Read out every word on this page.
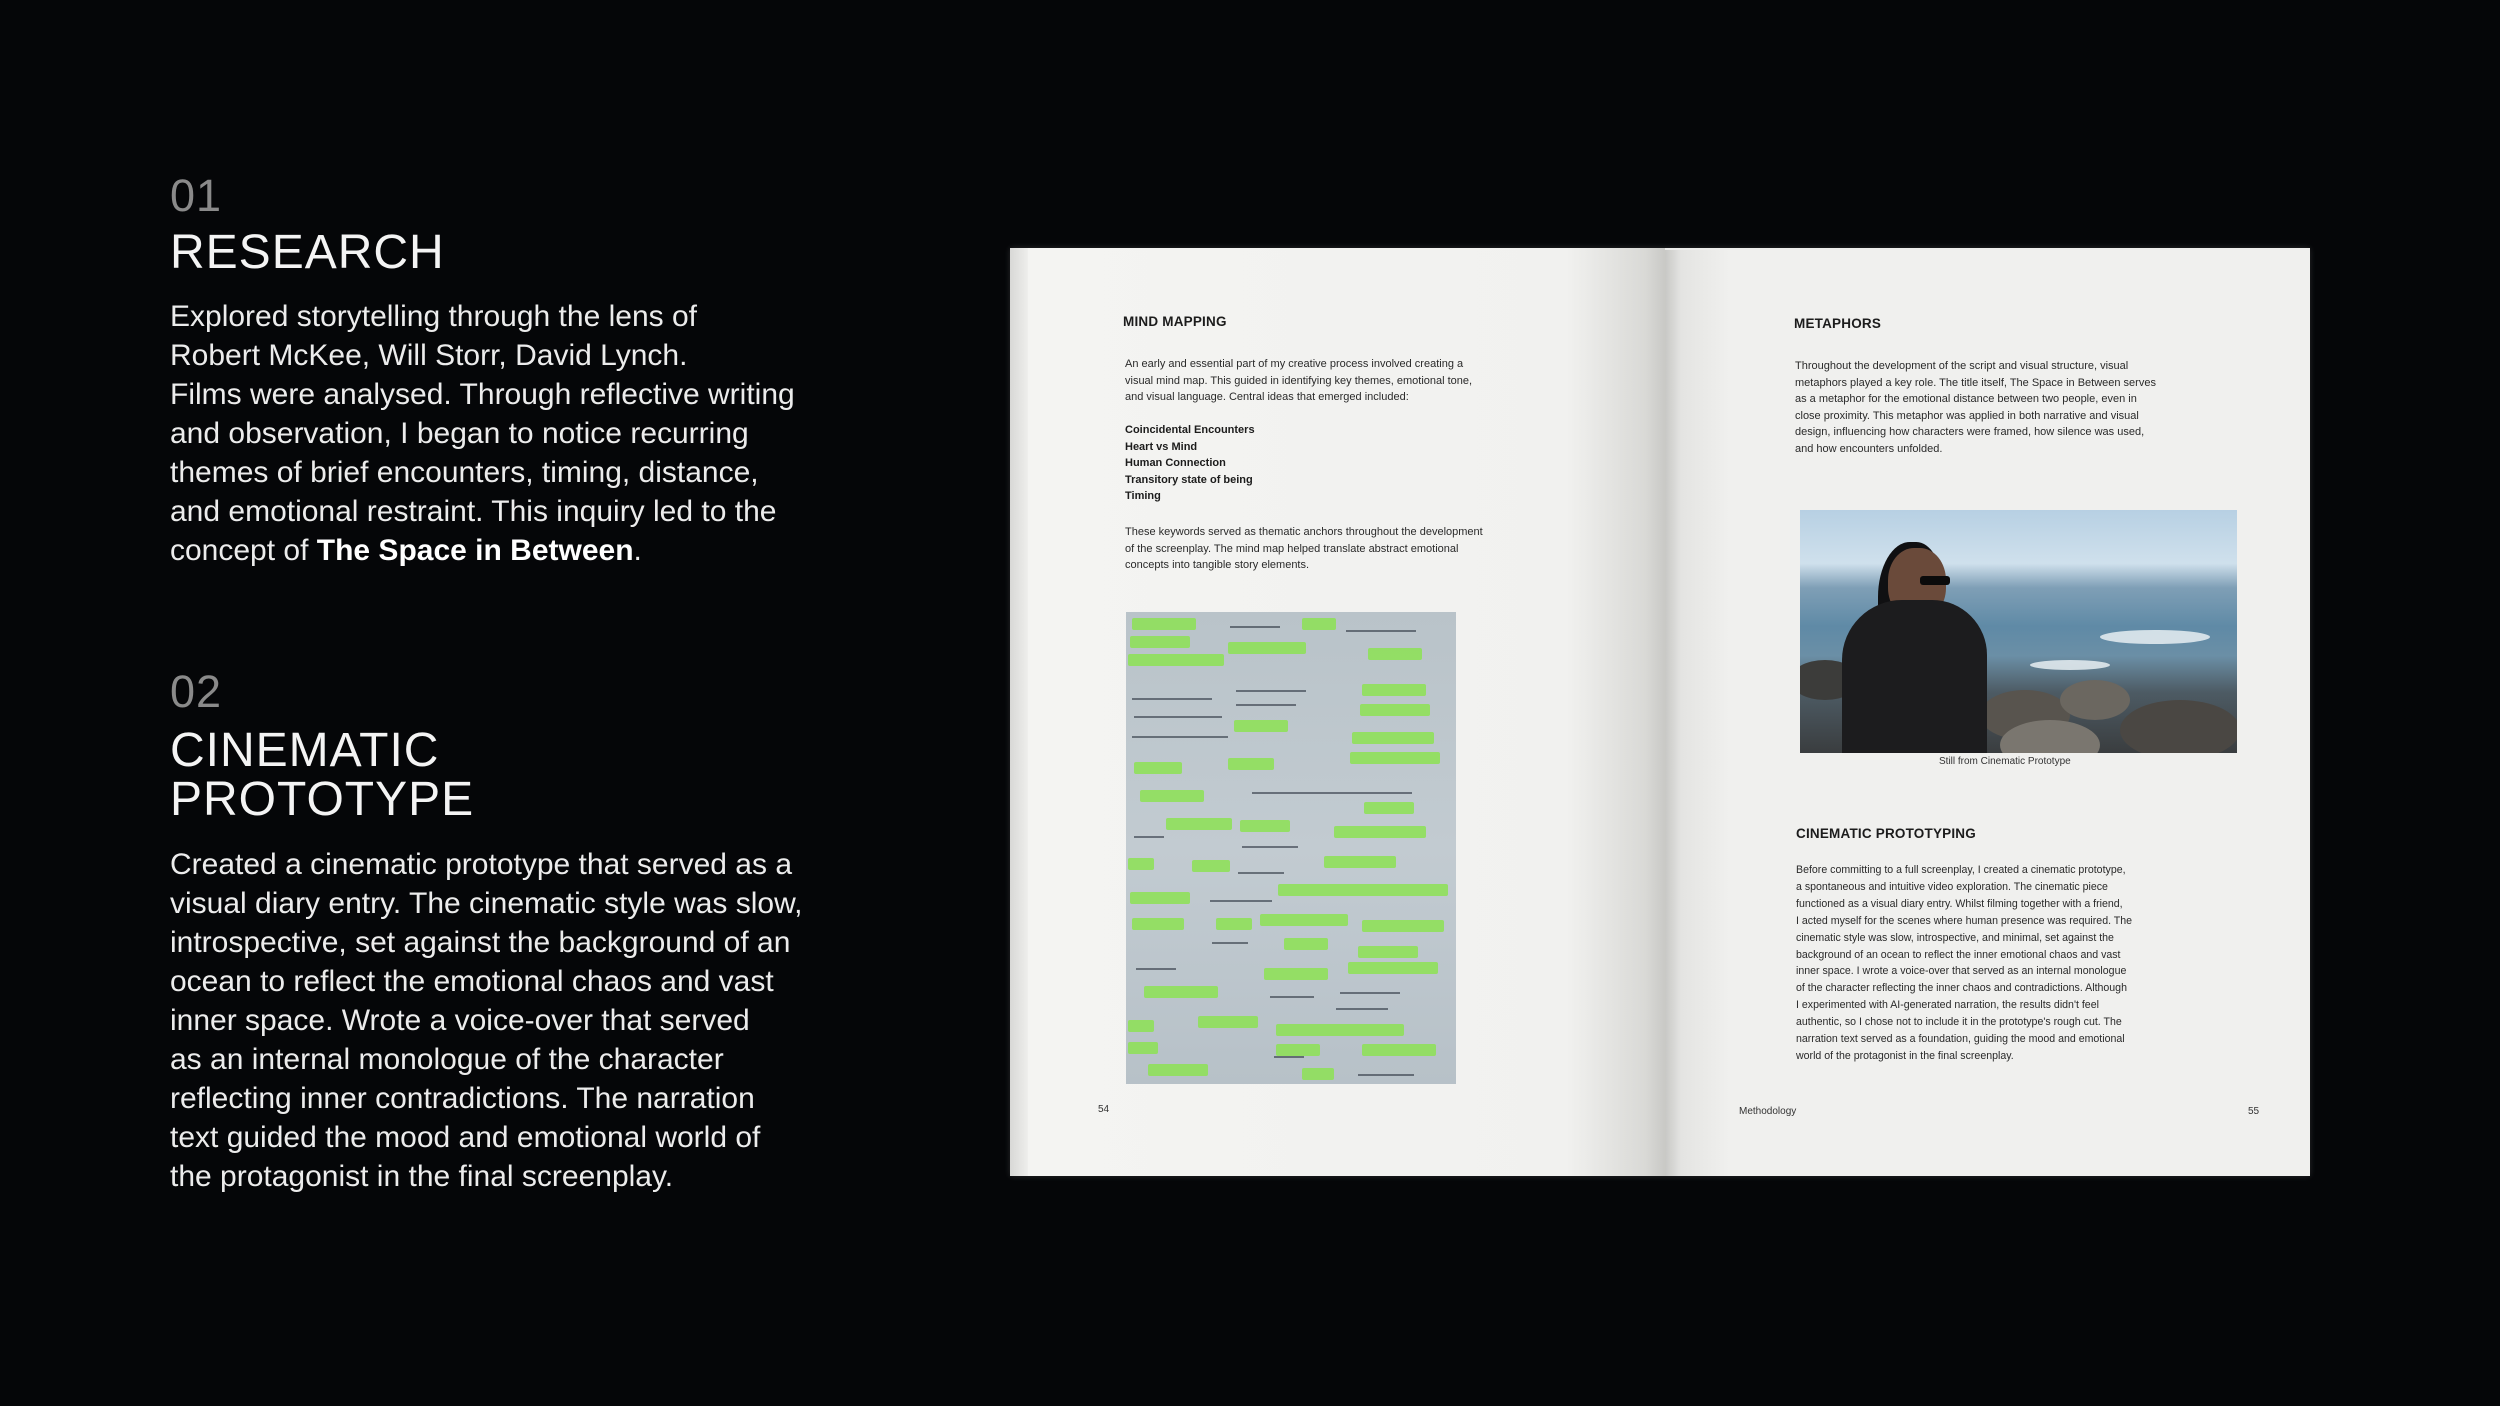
01
RESEARCH

Explored storytelling through the lens of

Robert McKee, Will Storr, David Lynch.

Films were analysed. Through reflective writing

and observation, I began to notice recurring

themes of brief encounters, timing, distance,

and emotional restraint. This inquiry led to the

concept of The Space in Between.

02
CINEMATIC
PROTOTYPE

Created a cinematic prototype that served as a

visual diary entry. The cinematic style was slow,

introspective, set against the background of an

ocean to reflect the emotional chaos and vast

inner space. Wrote a voice-over that served

as an internal monologue of the character

reflecting inner contradictions. The narration

text guided the mood and emotional world of

the protagonist in the final screenplay.

MIND MAPPING

An early and essential part of my creative process involved creating a

visual mind map. This guided in identifying key themes, emotional tone,

and visual language. Central ideas that emerged included:

Coincidental Encounters
Heart vs Mind
Human Connection
Transitory state of being
Timing

These keywords served as thematic anchors throughout the development

of the screenplay. The mind map helped translate abstract emotional

concepts into tangible story elements.

54
METAPHORS

Throughout the development of the script and visual structure, visual

metaphors played a key role. The title itself, The Space in Between serves

as a metaphor for the emotional distance between two people, even in

close proximity. This metaphor was applied in both narrative and visual

design, influencing how characters were framed, how silence was used,

and how encounters unfolded.

Still from Cinematic Prototype
CINEMATIC PROTOTYPING

Before committing to a full screenplay, I created a cinematic prototype,

a spontaneous and intuitive video exploration. The cinematic piece

functioned as a visual diary entry. Whilst filming together with a friend,

I acted myself for the scenes where human presence was required. The

cinematic style was slow, introspective, and minimal, set against the

background of an ocean to reflect the inner emotional chaos and vast

inner space. I wrote a voice-over that served as an internal monologue

of the character reflecting the inner chaos and contradictions. Although

I experimented with AI-generated narration, the results didn't feel

authentic, so I chose not to include it in the prototype's rough cut. The

narration text served as a foundation, guiding the mood and emotional

world of the protagonist in the final screenplay.

Methodology	55
